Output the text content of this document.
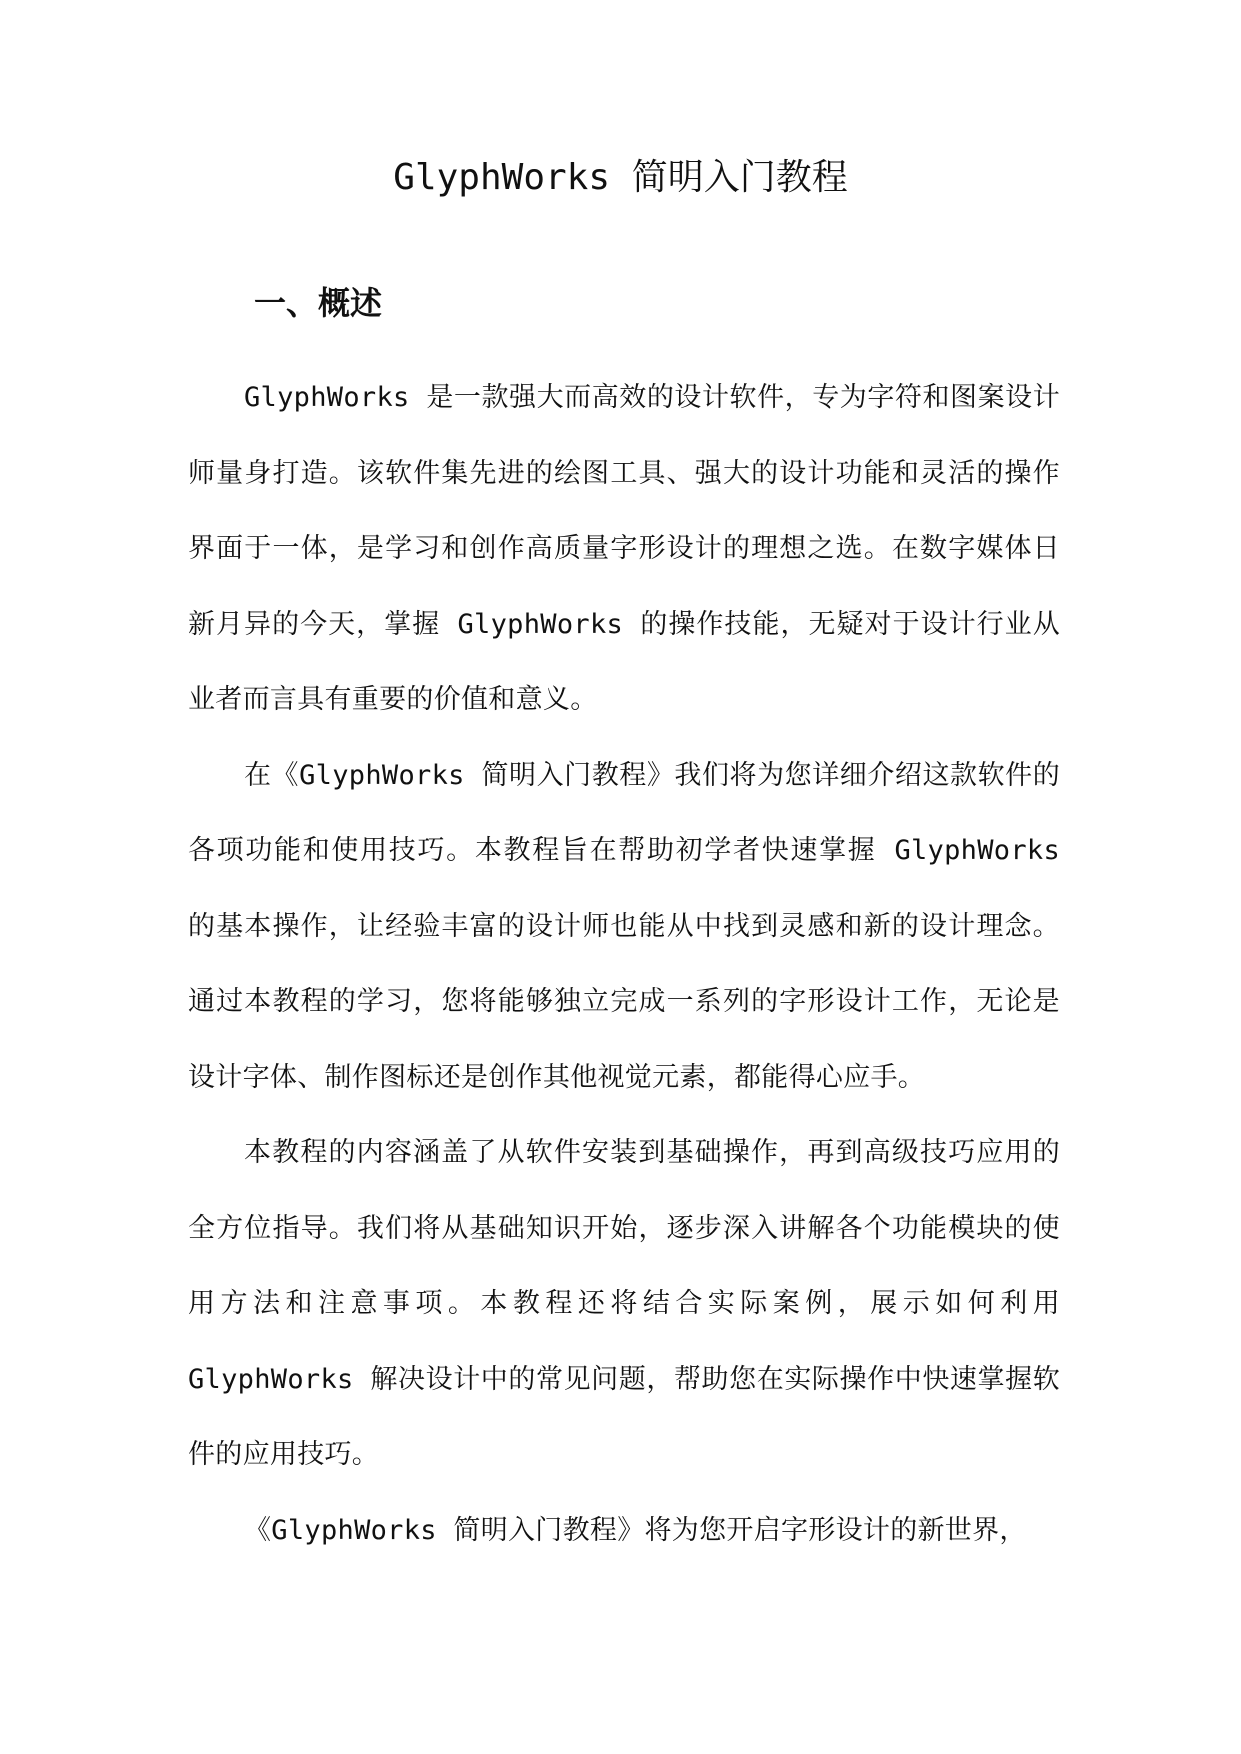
GlyphWorks 简明入门教程
一、概述

GlyphWorks 是一款强大而高效的设计软件，专为字符和图案设计师量身打造。该软件集先进的绘图工具、强大的设计功能和灵活的操作界面于一体，是学习和创作高质量字形设计的理想之选。在数字媒体日新月异的今天，掌握 GlyphWorks 的操作技能，无疑对于设计行业从业者而言具有重要的价值和意义。

在《GlyphWorks 简明入门教程》我们将为您详细介绍这款软件的各项功能和使用技巧。本教程旨在帮助初学者快速掌握 GlyphWorks 的基本操作，让经验丰富的设计师也能从中找到灵感和新的设计理念。通过本教程的学习，您将能够独立完成一系列的字形设计工作，无论是设计字体、制作图标还是创作其他视觉元素，都能得心应手。

本教程的内容涵盖了从软件安装到基础操作，再到高级技巧应用的全方位指导。我们将从基础知识开始，逐步深入讲解各个功能模块的使用方法和注意事项。本教程还将结合实际案例，展示如何利用 GlyphWorks 解决设计中的常见问题，帮助您在实际操作中快速掌握软件的应用技巧。

《GlyphWorks 简明入门教程》将为您开启字形设计的新世界，
